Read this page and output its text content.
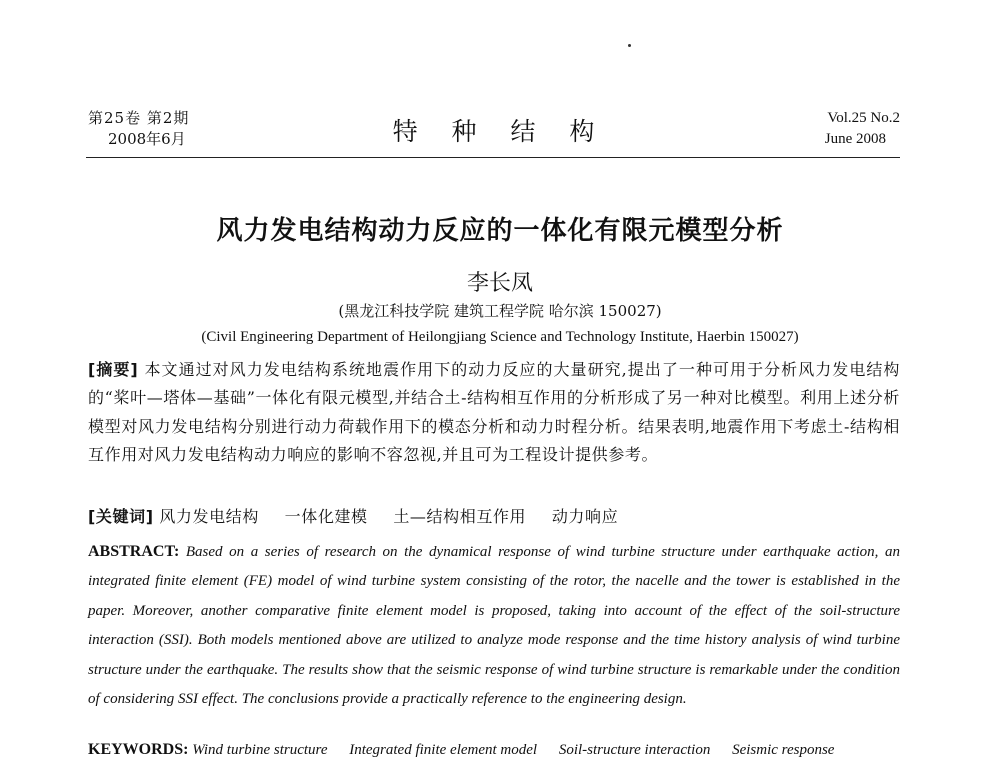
第25卷 第2期
2008年6月	特 种 结 构	Vol.25 No.2
June 2008
风力发电结构动力反应的一体化有限元模型分析
李长凤
(黑龙江科技学院 建筑工程学院 哈尔滨 150027)
(Civil Engineering Department of Heilongjiang Science and Technology Institute, Haerbin 150027)
[摘要] 本文通过对风力发电结构系统地震作用下的动力反应的大量研究,提出了一种可用于分析风力发电结构的“桨叶—塔体—基础”一体化有限元模型,并结合土-结构相互作用的分析形成了另一种对比模型。利用上述分析模型对风力发电结构分别进行动力荷载作用下的模态分析和动力时程分析。结果表明,地震作用下考虑土-结构相互作用对风力发电结构动力响应的影响不容忽视,并且可为工程设计提供参考。
[关键词] 风力发电结构 一体化建模 土—结构相互作用 动力响应
ABSTRACT: Based on a series of research on the dynamical response of wind turbine structure under earthquake action, an integrated finite element (FE) model of wind turbine system consisting of the rotor, the nacelle and the tower is established in the paper. Moreover, another comparative finite element model is proposed, taking into account of the effect of the soil-structure interaction (SSI). Both models mentioned above are utilized to analyze mode response and the time history analysis of wind turbine structure under the earthquake. The results show that the seismic response of wind turbine structure is remarkable under the condition of considering SSI effect. The conclusions provide a practically reference to the engineering design.
KEYWORDS: Wind turbine structure Integrated finite element model Soil-structure interaction Seismic response
